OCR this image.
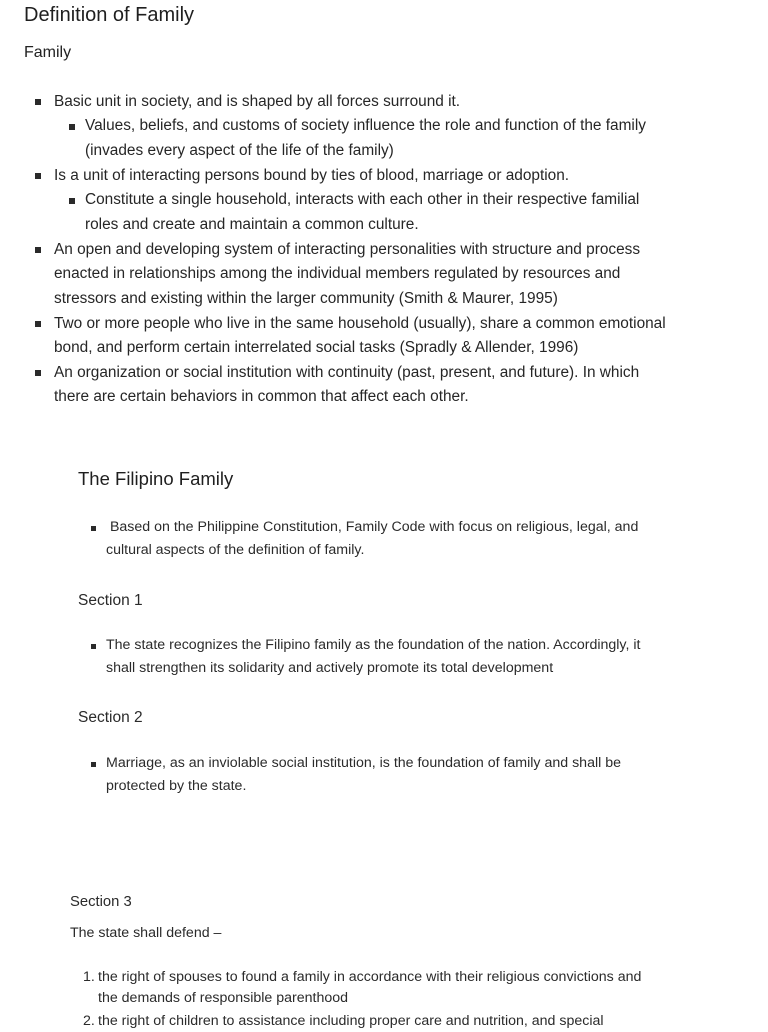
Definition of Family
Family
Basic unit in society, and is shaped by all forces surround it.
Values, beliefs, and customs of society influence the role and function of the family
(invades every aspect of the life of the family)
Is a unit of interacting persons bound by ties of blood, marriage or adoption.
Constitute a single household, interacts with each other in their respective familial
roles and create and maintain a common culture.
An open and developing system of interacting personalities with structure and process
enacted in relationships among the individual members regulated by resources and
stressors and existing within the larger community (Smith & Maurer, 1995)
Two or more people who live in the same household (usually), share a common emotional
bond, and perform certain interrelated social tasks (Spradly & Allender, 1996)
An organization or social institution with continuity (past, present, and future). In which
there are certain behaviors in common that affect each other.
The Filipino Family
Based on the Philippine Constitution, Family Code with focus on religious, legal, and
cultural aspects of the definition of family.
Section 1
The state recognizes the Filipino family as the foundation of the nation. Accordingly, it
shall strengthen its solidarity and actively promote its total development
Section 2
Marriage, as an inviolable social institution, is the foundation of family and shall be
protected by the state.
Section 3

The state shall defend –

1. the right of spouses to found a family in accordance with their religious convictions and
the demands of responsible parenthood
2. the right of children to assistance including proper care and nutrition, and special
